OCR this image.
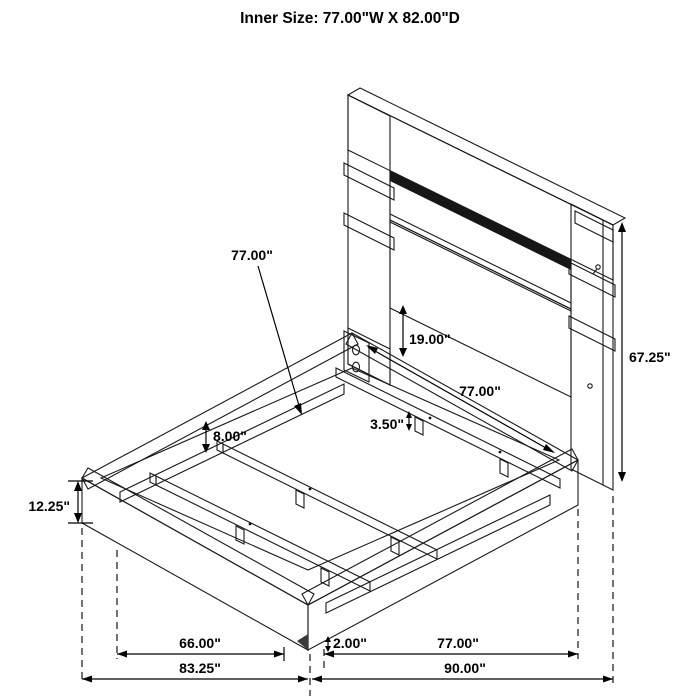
Inner Size: 77.00"W X 82.00"D
77.00"
19.00"
67.25"
77.00"
3.50"
8.00"
12.25"
2.00"
66.00"
83.25"
77.00"
90.00"
